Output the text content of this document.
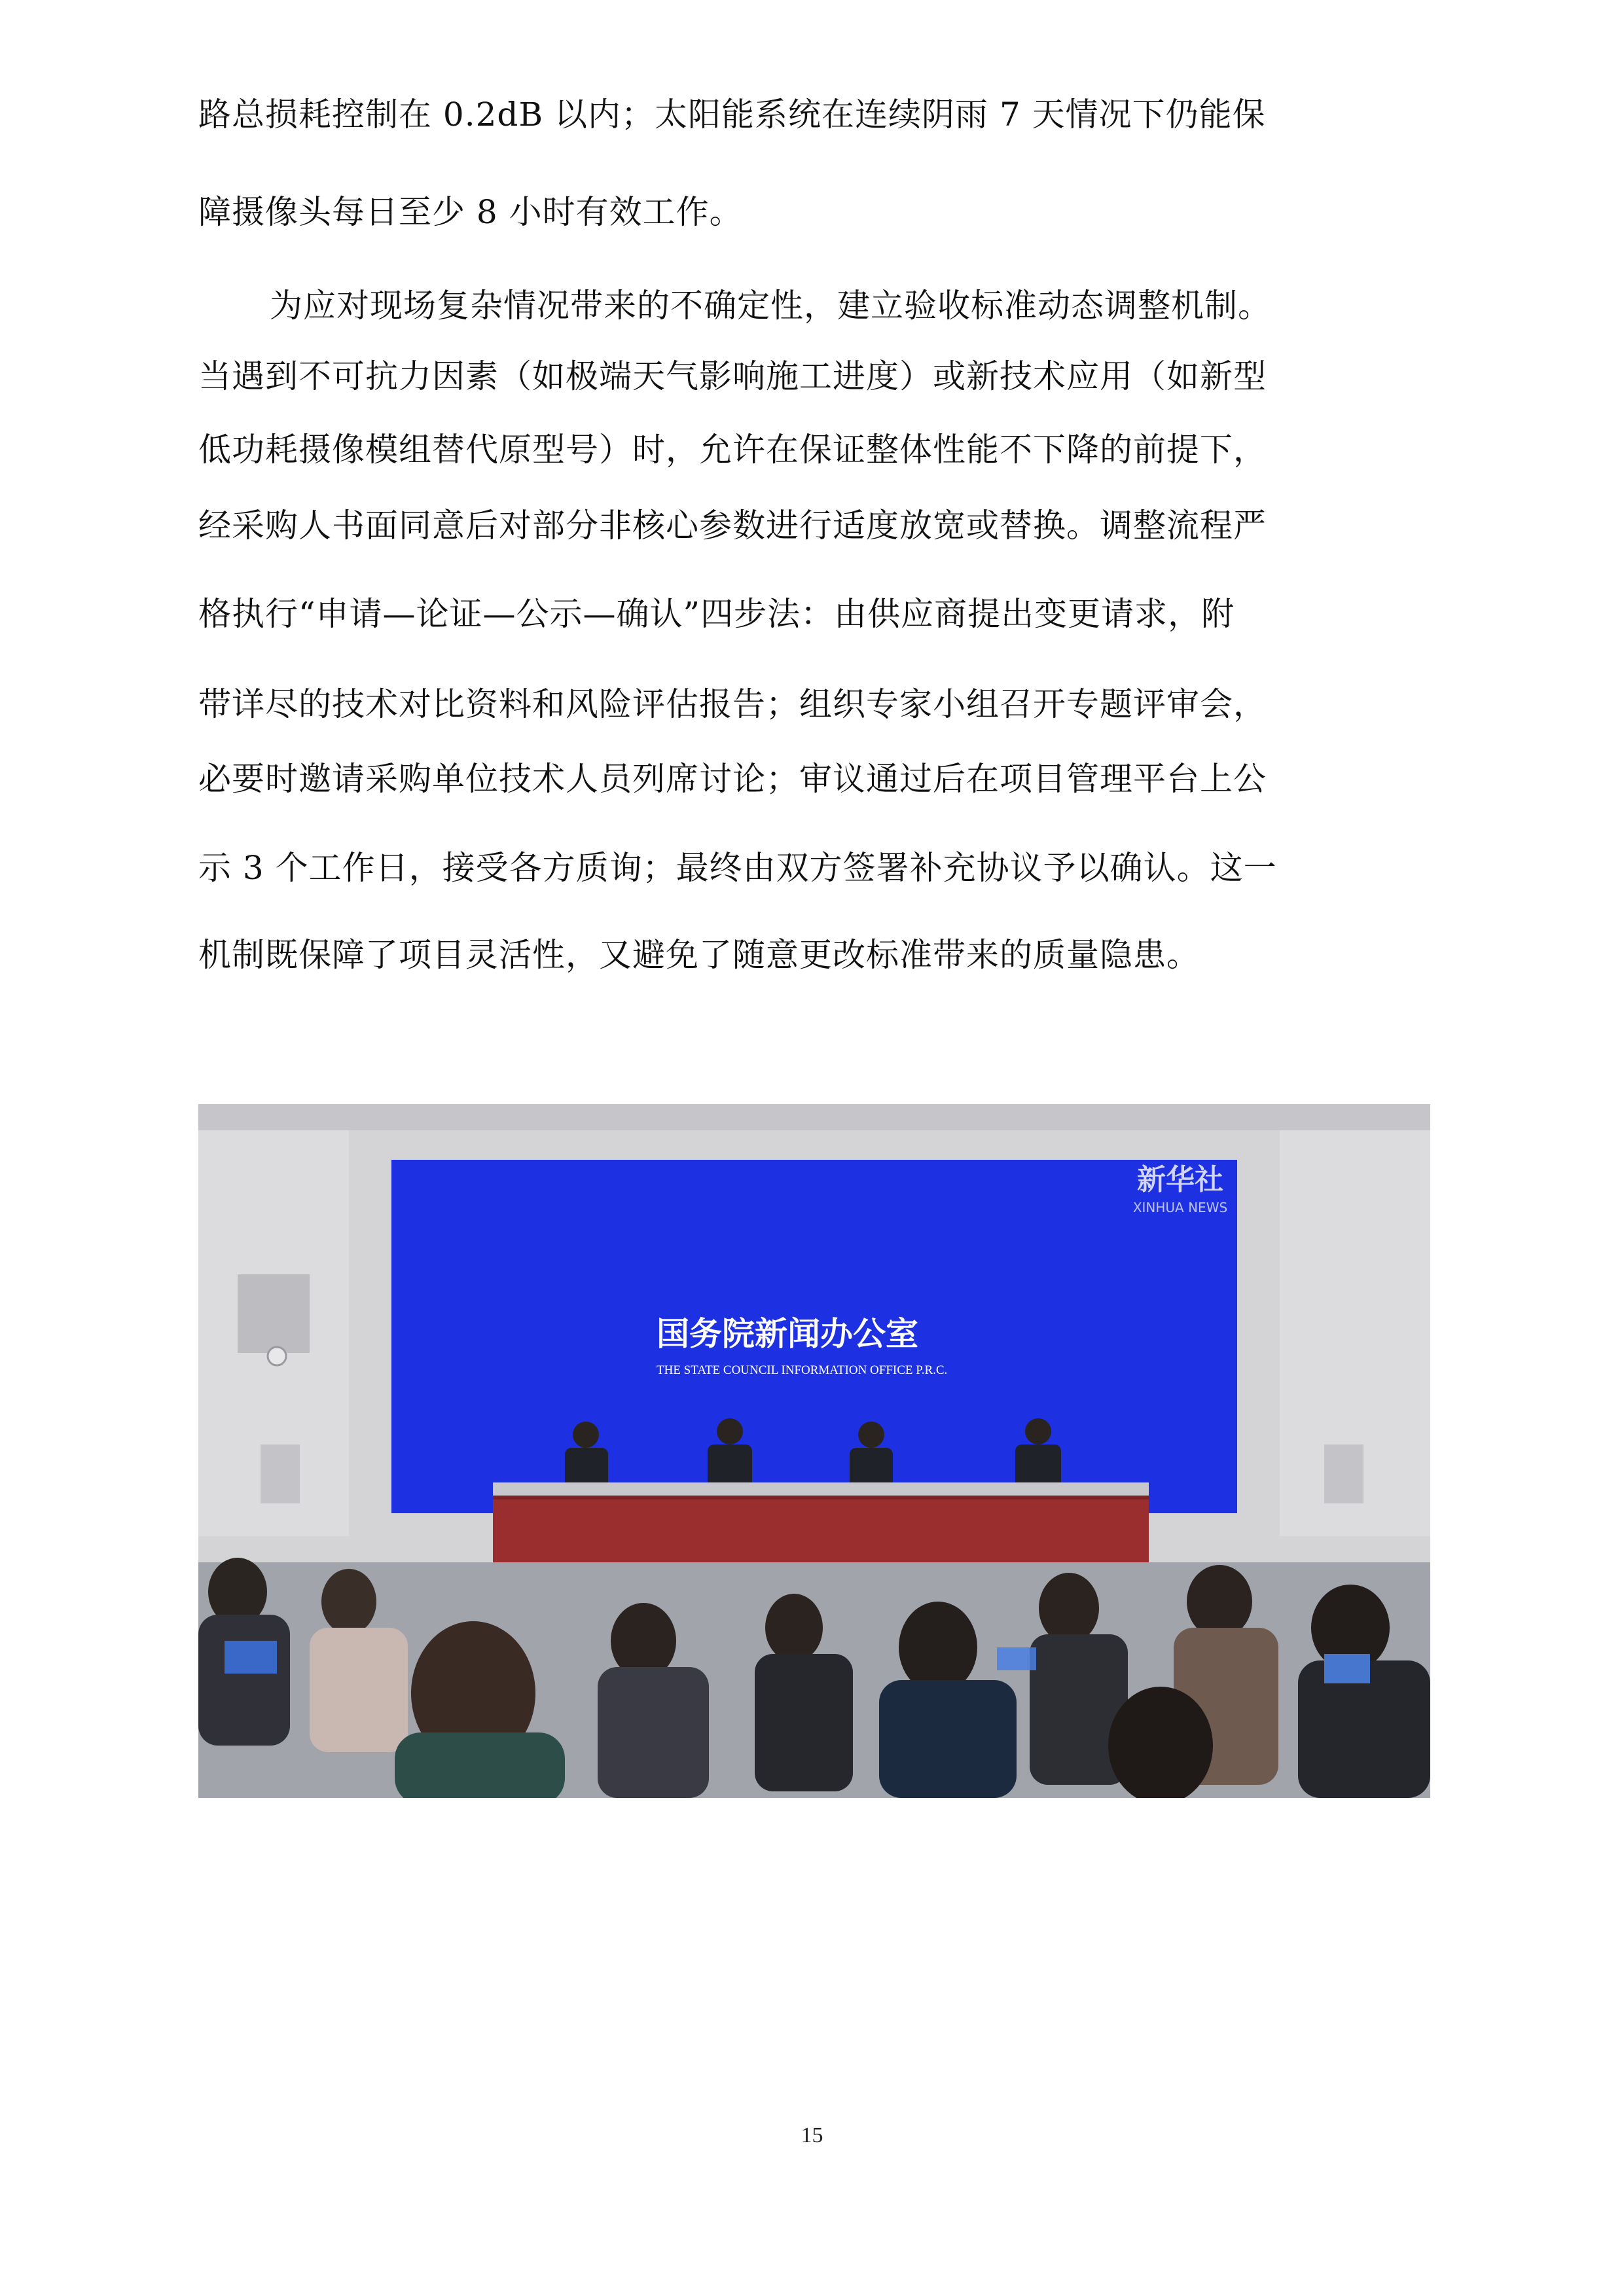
路总损耗控制在 0.2dB 以内；太阳能系统在连续阴雨 7 天情况下仍能保
障摄像头每日至少 8 小时有效工作。
为应对现场复杂情况带来的不确定性，建立验收标准动态调整机制。
当遇到不可抗力因素（如极端天气影响施工进度）或新技术应用（如新型
低功耗摄像模组替代原型号）时，允许在保证整体性能不下降的前提下，
经采购人书面同意后对部分非核心参数进行适度放宽或替换。调整流程严
格执行“申请—论证—公示—确认”四步法：由供应商提出变更请求，附
带详尽的技术对比资料和风险评估报告；组织专家小组召开专题评审会，
必要时邀请采购单位技术人员列席讨论；审议通过后在项目管理平台上公
示 3 个工作日，接受各方质询；最终由双方签署补充协议予以确认。这一
机制既保障了项目灵活性，又避免了随意更改标准带来的质量隐患。
国务院新闻办公室
THE STATE COUNCIL INFORMATION OFFICE P.R.C.
新华社
XINHUA NEWS
15
